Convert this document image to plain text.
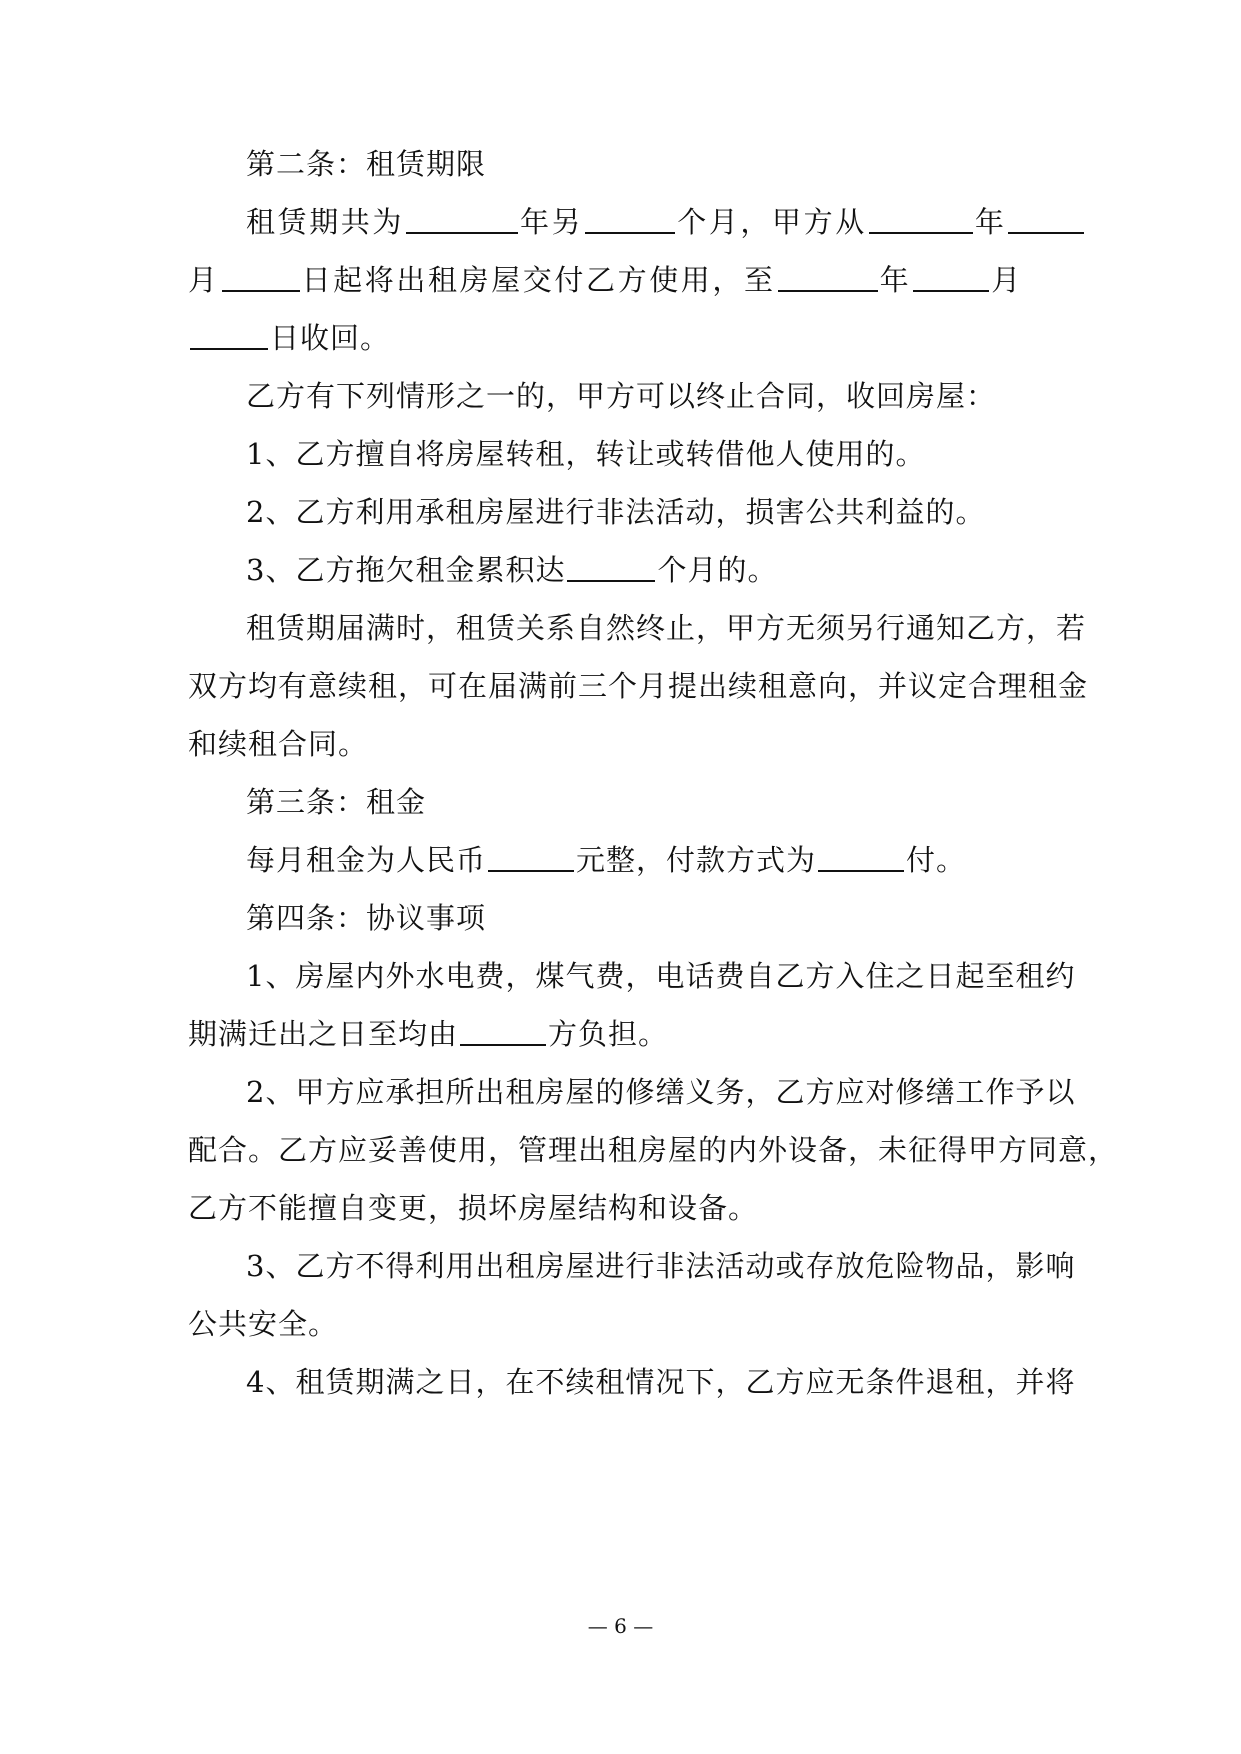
第二条：租赁期限
租赁期共为	年另	个月，甲方从	年
月	日起将出租房屋交付乙方使用，至	年	月
日收回。
乙方有下列情形之一的，甲方可以终止合同，收回房屋：
1、乙方擅自将房屋转租，转让或转借他人使用的。
2、乙方利用承租房屋进行非法活动，损害公共利益的。
3、乙方拖欠租金累积达	个月的。
租赁期届满时，租赁关系自然终止，甲方无须另行通知乙方，若
双方均有意续租，可在届满前三个月提出续租意向，并议定合理租金
和续租合同。
第三条：租金
每月租金为人民币	元整，付款方式为	付。
第四条：协议事项
1、房屋内外水电费，煤气费，电话费自乙方入住之日起至租约
期满迁出之日至均由	方负担。
2、甲方应承担所出租房屋的修缮义务，乙方应对修缮工作予以
配合。乙方应妥善使用，管理出租房屋的内外设备，未征得甲方同意，
乙方不能擅自变更，损坏房屋结构和设备。
3、乙方不得利用出租房屋进行非法活动或存放危险物品，影响
公共安全。
4、租赁期满之日，在不续租情况下，乙方应无条件退租，并将
— 6 —
